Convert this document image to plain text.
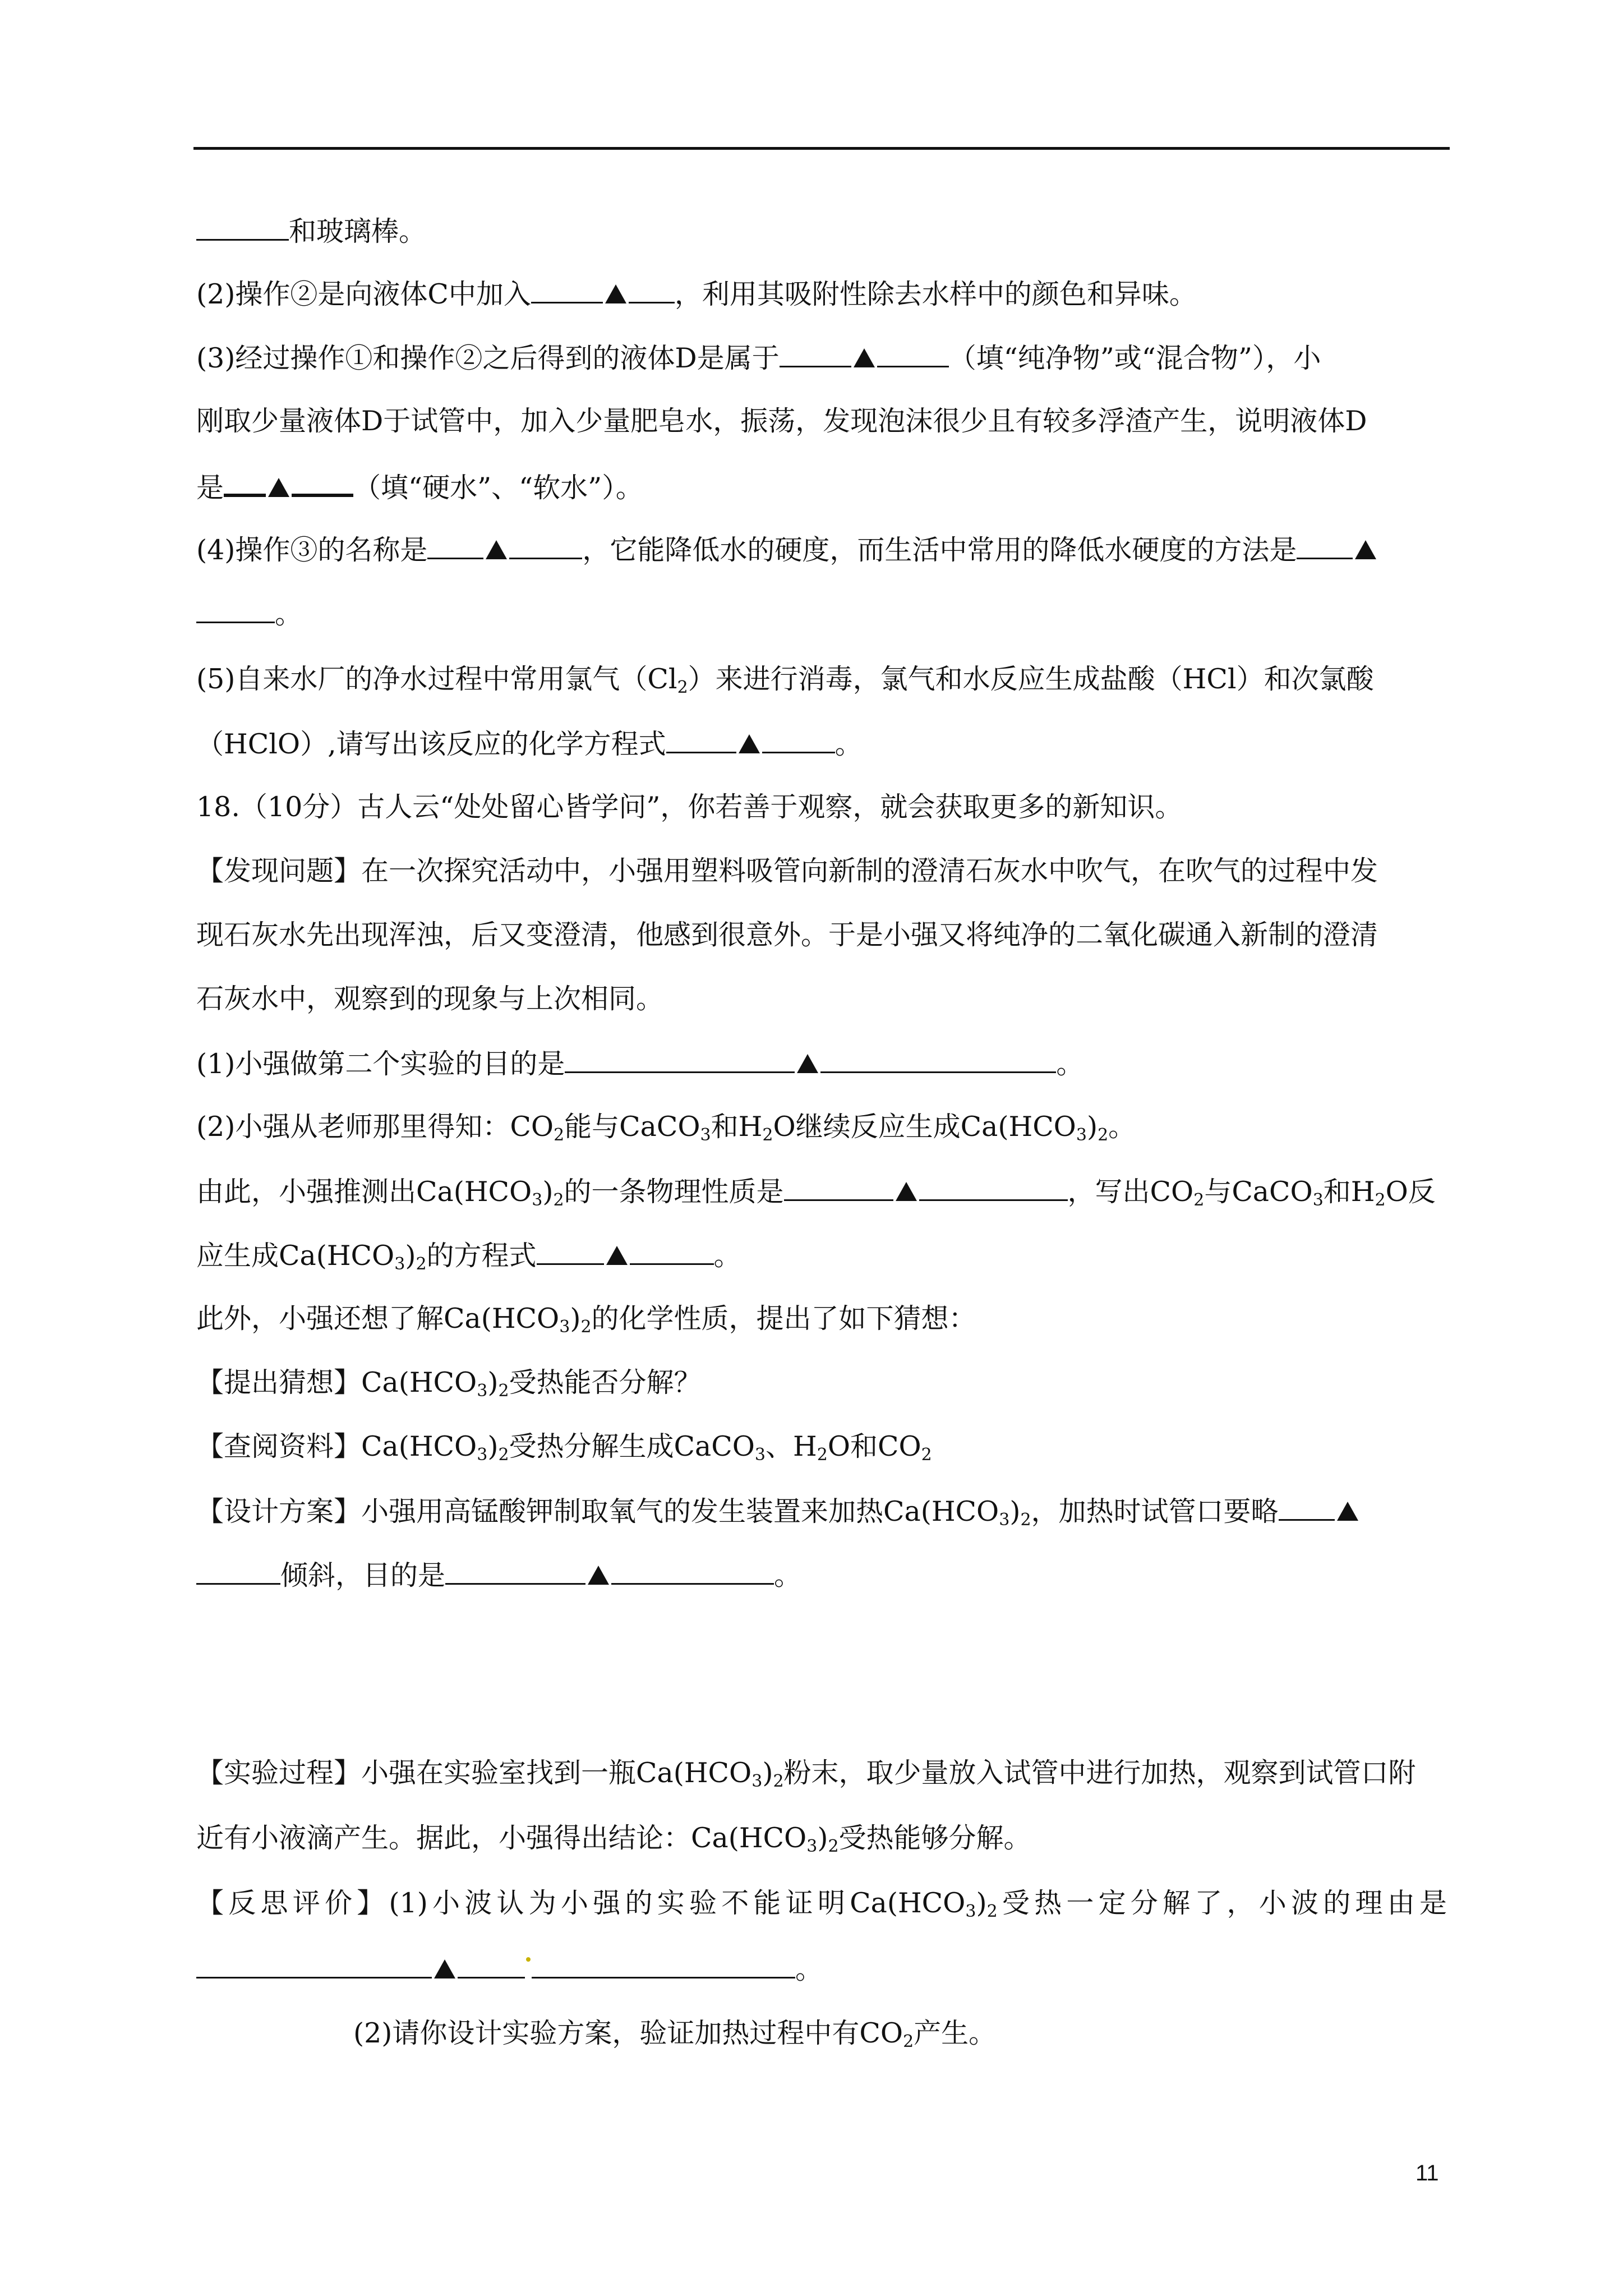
和玻璃棒。
(2)操作②是向液体C中加入	，利用其吸附性除去水样中的颜色和异味。
(3)经过操作①和操作②之后得到的液体D是属于	（填“纯净物”或“混合物”），小
刚取少量液体D于试管中，加入少量肥皂水，振荡，发现泡沫很少且有较多浮渣产生，说明液体D
是	（填“硬水”、“软水”）。
(4)操作③的名称是	，它能降低水的硬度，而生活中常用的降低水硬度的方法是
。
(5)自来水厂的净水过程中常用氯气$(Cl_2)$来进行消毒，氯气和水反应生成盐酸（HCl）和次氯酸
（HClO）,请写出该反应的化学方程式	。
18.（10分）古人云“处处留心皆学问”，你若善于观察，就会获取更多的新知识。
【发现问题】在一次探究活动中，小强用塑料吸管向新制的澄清石灰水中吹气，在吹气的过程中发
现石灰水先出现浑浊，后又变澄清，他感到很意外。于是小强又将纯净的二氧化碳通入新制的澄清
石灰水中，观察到的现象与上次相同。
(1)小强做第二个实验的目的是	。
(2)小强从老师那里得知：$CO_2$能与CaCO$_3$和$H_2O$继续反应生成$Ca(HCO_3)_2$。
由此，小强推测出$Ca(HCO_3)_2$的一条物理性质是	，写出$CO_2$与CaCO$_3$和$H_2O$反
应生成$Ca(HCO_3)_2$的方程式	。
此外，小强还想了解$Ca(HCO_3)_2$的化学性质，提出了如下猜想：
【提出猜想】$Ca(HCO_3)_2$受热能否分解？
【查阅资料】$Ca(HCO_3)_2$受热分解生成CaCO$_3$、$H_2O$和$CO_2$
【设计方案】小强用高锰酸钾制取氧气的发生装置来加热$Ca(HCO_3)_2$，加热时试管口要略
倾斜，目的是	。
【实验过程】小强在实验室找到一瓶$Ca(HCO_3)_2$粉末，取少量放入试管中进行加热，观察到试管口附
近有小液滴产生。据此，小强得出结论：$Ca(HCO_3)_2$受热能够分解。
【反思评价】(1)小波认为小强的实验不能证明$Ca(HCO_3)_2$受热一定分解了，小波的理由是
。
(2)请你设计实验方案，验证加热过程中有$CO_2$产生。
11
